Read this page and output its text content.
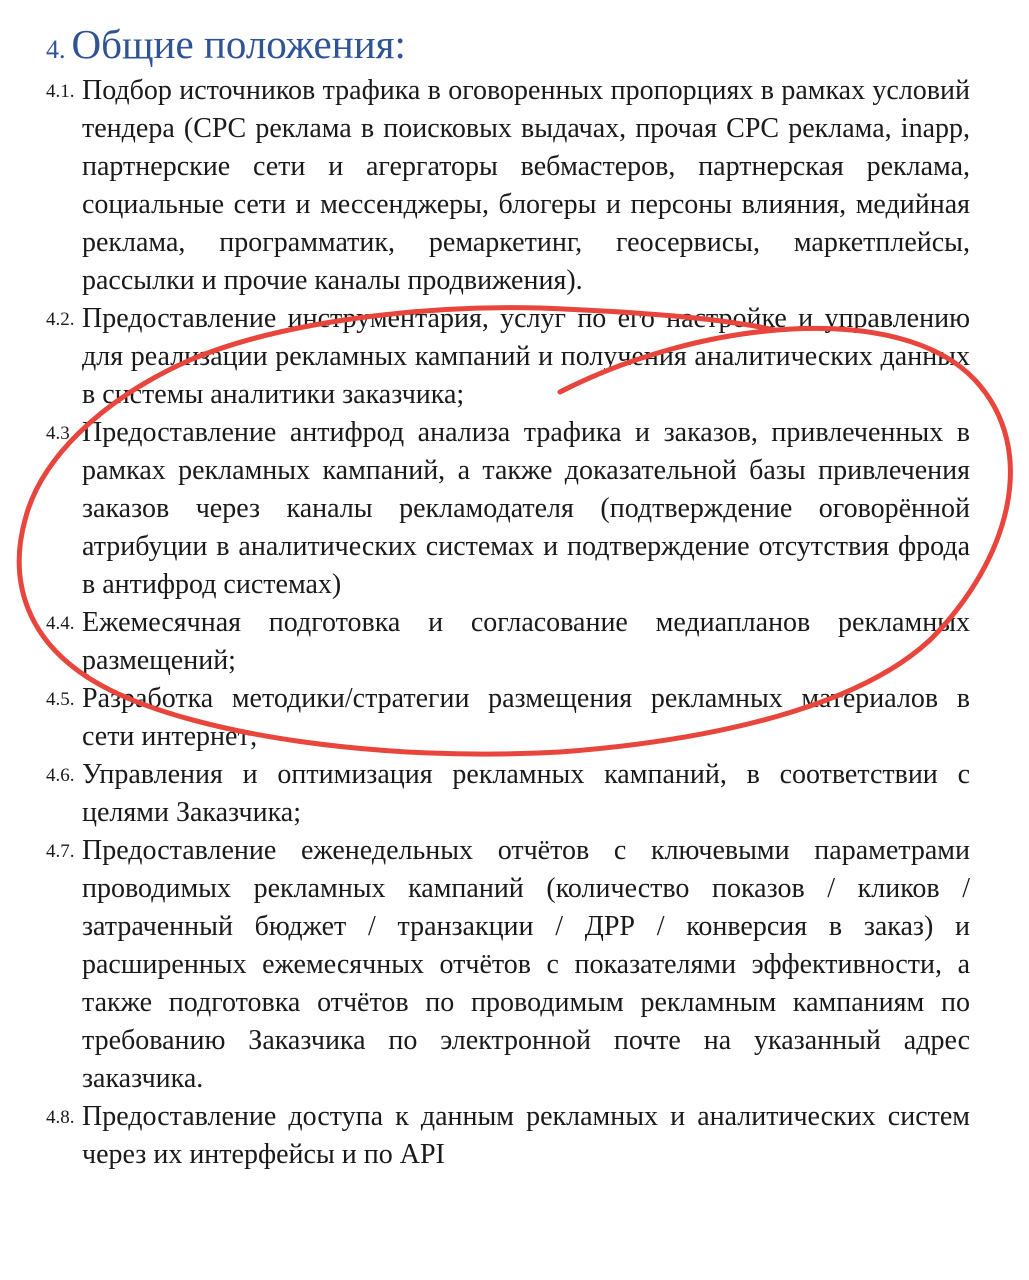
4. Общие положения:
4.1. Подбор источников трафика в оговоренных пропорциях в рамках условий тендера (CPC реклама в поисковых выдачах, прочая CPC реклама, inapp, партнерские сети и агергаторы вебмастеров, партнерская реклама, социальные сети и мессенджеры, блогеры и персоны влияния, медийная реклама, программатик, ремаркетинг, геосервисы, маркетплейсы, рассылки и прочие каналы продвижения).
4.2. Предоставление инструментария, услуг по его настройке и управлению для реализации рекламных кампаний и получения аналитических данных в системы аналитики заказчика;
4.3. Предоставление антифрод анализа трафика и заказов, привлеченных в рамках рекламных кампаний, а также доказательной базы привлечения заказов через каналы рекламодателя (подтверждение оговорённой атрибуции в аналитических системах и подтверждение отсутствия фрода в антифрод системах)
4.4. Ежемесячная подготовка и согласование медиапланов рекламных размещений;
4.5. Разработка методики/стратегии размещения рекламных материалов в сети интернет;
4.6. Управления и оптимизация рекламных кампаний, в соответствии с целями Заказчика;
4.7. Предоставление еженедельных отчётов с ключевыми параметрами проводимых рекламных кампаний (количество показов / кликов / затраченный бюджет / транзакции / ДРР / конверсия в заказ) и расширенных ежемесячных отчётов с показателями эффективности, а также подготовка отчётов по проводимым рекламным кампаниям по требованию Заказчика по электронной почте на указанный адрес заказчика.
4.8. Предоставление доступа к данным рекламных и аналитических систем через их интерфейсы и по API
